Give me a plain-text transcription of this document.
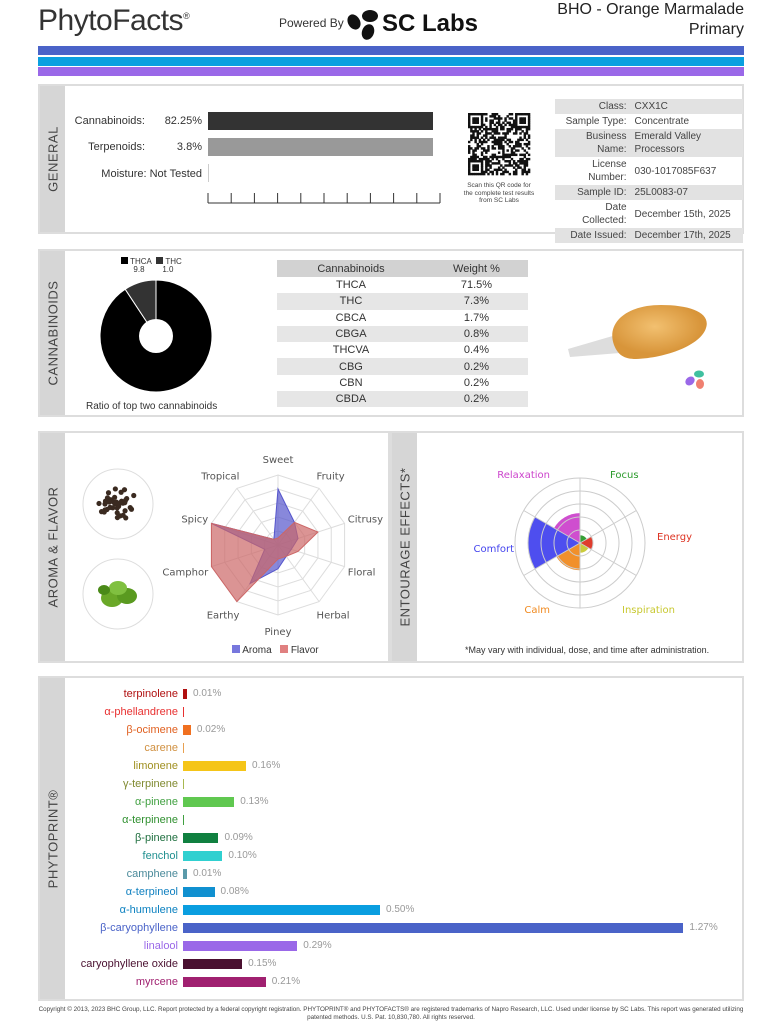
PhytoFacts®	Powered By SC Labs
BHO - Orange Marmalade
Primary
GENERAL
Cannabinoids:	82.25%
Terpenoids:	3.8%
Moisture: Not Tested
Scan this QR code for the complete test results from SC Labs
Class:	CXX1C
Sample Type:	Concentrate
Business Name:	Emerald Valley Processors
License Number:	030-1017085F637
Sample ID:	25L0083-07
Date Collected:	December 15th, 2025
Date Issued:	December 17th, 2025
CANNABINOIDS
THCA THC
9.8 1.0
Ratio of top two cannabinoids
Cannabinoids	Weight %
THCA	71.5%
THC	7.3%
CBCA	1.7%
CBGA	0.8%
THCVA	0.4%
CBG	0.2%
CBN	0.2%
CBDA	0.2%
AROMA & FLAVOR
Sweet
Fruity
Citrusy
Floral
Herbal
Piney
Earthy
Camphor
Spicy
Tropical
Aroma Flavor
ENTOURAGE EFFECTS*	Focus
Energy
Inspiration
Calm
Comfort
Relaxation
*May vary with individual, dose, and time after administration.
PHYTOPRINT®
terpinolene 0.01%
α-phellandrene
β-ocimene 0.02%
carene
limonene	0.16%
γ-terpinene
α-pinene	0.13%
α-terpinene
β-pinene	0.09%
fenchol	0.10%
camphene 0.01%
α-terpineol	0.08%
α-humulene	0.50%
β-caryophyllene	1.27%
linalool	0.29%
caryophyllene oxide	0.15%
myrcene	0.21%
Copyright © 2013, 2023 BHC Group, LLC. Report protected by a federal copyright registration. PHYTOPRINT® and PHYTOFACTS® are registered trademarks of Napro Research, LLC. Used under license by SC Labs. This report was generated utilizing patented methods. U.S. Pat. 10,830,780. All rights reserved.
